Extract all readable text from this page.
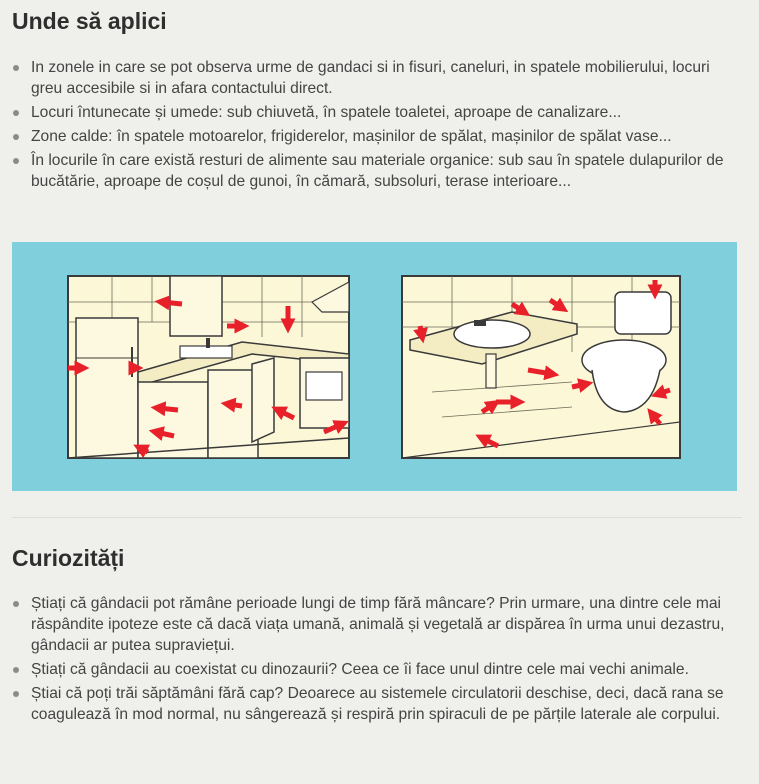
Unde să aplici
In zonele in care se pot observa urme de gandaci si in fisuri, caneluri, in spatele mobilierului, locuri greu accesibile si in afara contactului direct.
Locuri întunecate și umede: sub chiuvetă, în spatele toaletei, aproape de canalizare...
Zone calde: în spatele motoarelor, frigiderelor, mașinilor de spălat, mașinilor de spălat vase...
În locurile în care există resturi de alimente sau materiale organice: sub sau în spatele dulapurilor de bucătărie, aproape de coșul de gunoi, în cămară, subsoluri, terase interioare...
Curiozități
Știați că gândacii pot rămâne perioade lungi de timp fără mâncare? Prin urmare, una dintre cele mai răspândite ipoteze este că dacă viața umană, animală și vegetală ar dispărea în urma unui dezastru, gândacii ar putea supraviețui.
Știați că gândacii au coexistat cu dinozaurii? Ceea ce îi face unul dintre cele mai vechi animale.
Știai că poți trăi săptămâni fără cap? Deoarece au sistemele circulatorii deschise, deci, dacă rana se coagulează în mod normal, nu sângerează și respiră prin spiraculi de pe părțile laterale ale corpului.
